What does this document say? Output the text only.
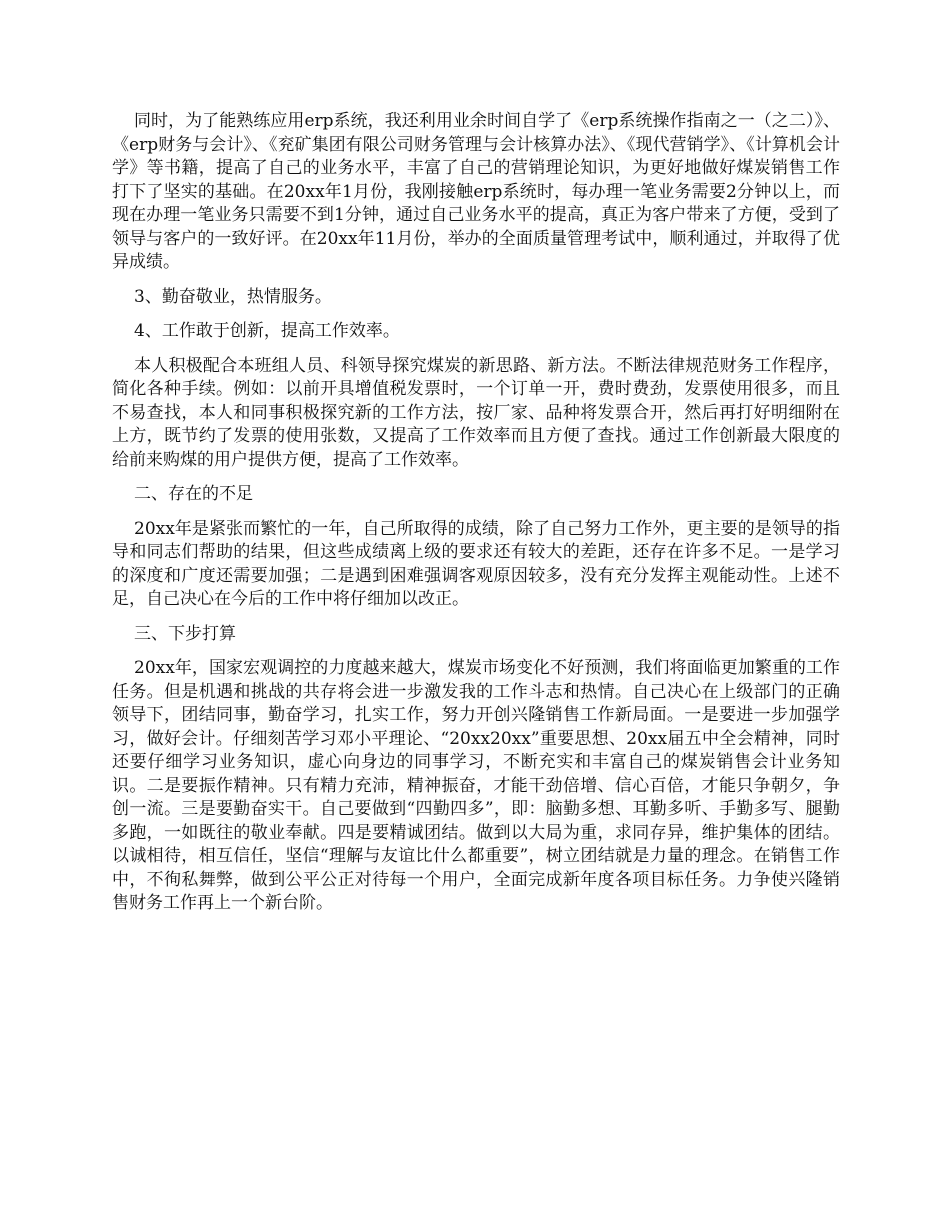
同时，为了能熟练应用erp系统，我还利用业余时间自学了《erp系统操作指南之一（之二）》、《erp财务与会计》、《兖矿集团有限公司财务管理与会计核算办法》、《现代营销学》、《计算机会计学》等书籍，提高了自己的业务水平，丰富了自己的营销理论知识，为更好地做好煤炭销售工作打下了坚实的基础。在20xx年1月份，我刚接触erp系统时，每办理一笔业务需要2分钟以上，而现在办理一笔业务只需要不到1分钟，通过自己业务水平的提高，真正为客户带来了方便，受到了领导与客户的一致好评。在20xx年11月份，举办的全面质量管理考试中，顺利通过，并取得了优异成绩。

3、勤奋敬业，热情服务。

4、工作敢于创新，提高工作效率。

本人积极配合本班组人员、科领导探究煤炭的新思路、新方法。不断法律规范财务工作程序，简化各种手续。例如：以前开具增值税发票时，一个订单一开，费时费劲，发票使用很多，而且不易查找，本人和同事积极探究新的工作方法，按厂家、品种将发票合开，然后再打好明细附在上方，既节约了发票的使用张数，又提高了工作效率而且方便了查找。通过工作创新最大限度的给前来购煤的用户提供方便，提高了工作效率。

二、存在的不足

20xx年是紧张而繁忙的一年，自己所取得的成绩，除了自己努力工作外，更主要的是领导的指导和同志们帮助的结果，但这些成绩离上级的要求还有较大的差距，还存在许多不足。一是学习的深度和广度还需要加强；二是遇到困难强调客观原因较多，没有充分发挥主观能动性。上述不足，自己决心在今后的工作中将仔细加以改正。

三、下步打算

20xx年，国家宏观调控的力度越来越大，煤炭市场变化不好预测，我们将面临更加繁重的工作任务。但是机遇和挑战的共存将会进一步激发我的工作斗志和热情。自己决心在上级部门的正确领导下，团结同事，勤奋学习，扎实工作，努力开创兴隆销售工作新局面。一是要进一步加强学习，做好会计。仔细刻苦学习邓小平理论、“20xx20xx”重要思想、20xx届五中全会精神，同时还要仔细学习业务知识，虚心向身边的同事学习，不断充实和丰富自己的煤炭销售会计业务知识。二是要振作精神。只有精力充沛，精神振奋，才能干劲倍增、信心百倍，才能只争朝夕，争创一流。三是要勤奋实干。自己要做到“四勤四多”，即：脑勤多想、耳勤多听、手勤多写、腿勤多跑，一如既往的敬业奉献。四是要精诚团结。做到以大局为重，求同存异，维护集体的团结。以诚相待，相互信任，坚信“理解与友谊比什么都重要”，树立团结就是力量的理念。在销售工作中，不徇私舞弊，做到公平公正对待每一个用户，全面完成新年度各项目标任务。力争使兴隆销售财务工作再上一个新台阶。
